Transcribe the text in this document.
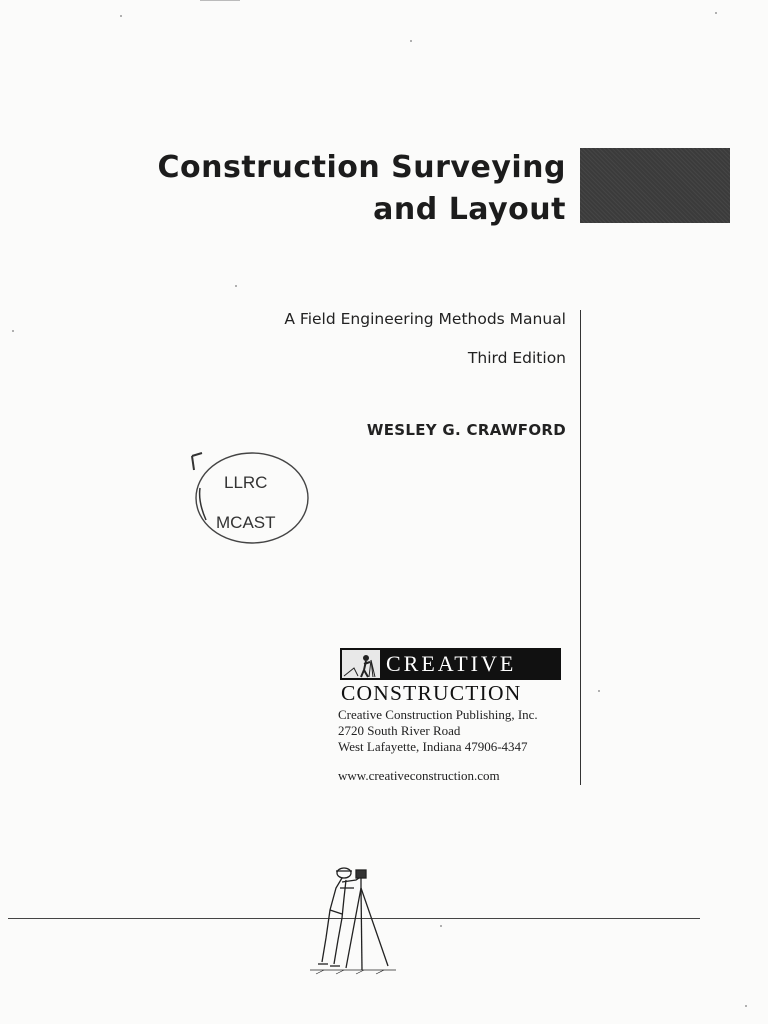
Construction Surveying
and Layout
A Field Engineering Methods Manual
Third Edition
WESLEY G. CRAWFORD
LLRC
MCAST
CREATIVE
CONSTRUCTION
Creative Construction Publishing, Inc.
2720 South River Road
West Lafayette, Indiana 47906-4347
www.creativeconstruction.com
